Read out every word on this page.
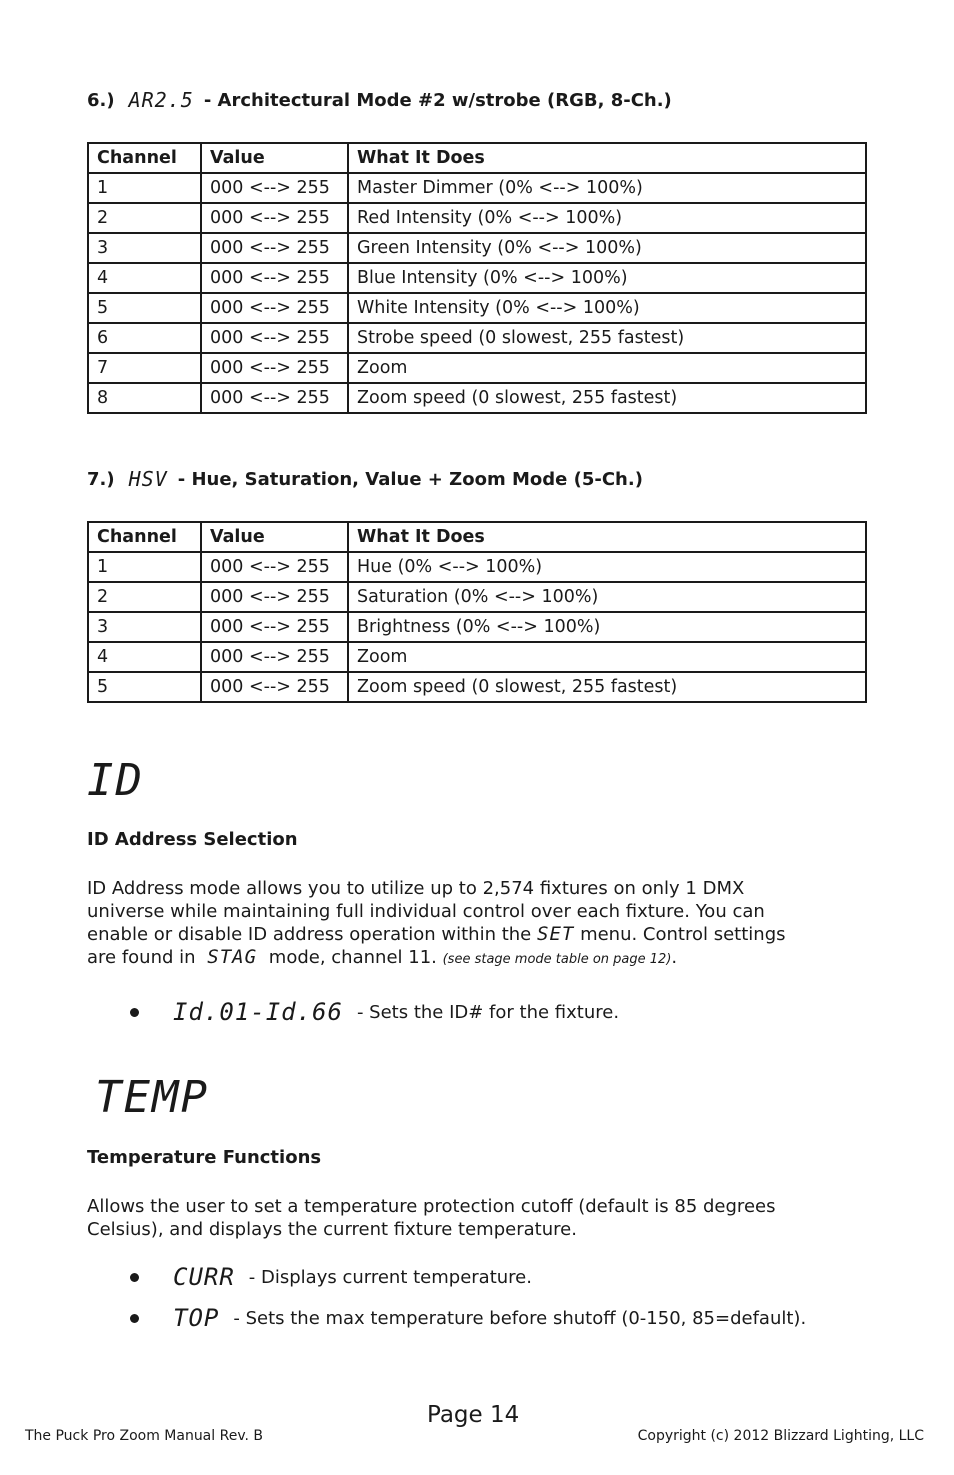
6.) AR2.5 - Architectural Mode #2 w/strobe (RGB, 8-Ch.)
Channel	Value	What It Does
1	000 <--> 255	Master Dimmer (0% <--> 100%)
2	000 <--> 255	Red Intensity (0% <--> 100%)
3	000 <--> 255	Green Intensity (0% <--> 100%)
4	000 <--> 255	Blue Intensity (0% <--> 100%)
5	000 <--> 255	White Intensity (0% <--> 100%)
6	000 <--> 255	Strobe speed (0 slowest, 255 fastest)
7	000 <--> 255	Zoom
8	000 <--> 255	Zoom speed (0 slowest, 255 fastest)
7.) HSV - Hue, Saturation, Value + Zoom Mode (5-Ch.)
Channel	Value	What It Does
1	000 <--> 255	Hue (0% <--> 100%)
2	000 <--> 255	Saturation (0% <--> 100%)
3	000 <--> 255	Brightness (0% <--> 100%)
4	000 <--> 255	Zoom
5	000 <--> 255	Zoom speed (0 slowest, 255 fastest)
ID
ID Address Selection
ID Address mode allows you to utilize up to 2,574 fixtures on only 1 DMX
universe while maintaining full individual control over each fixture. You can
enable or disable ID address operation within the SET menu. Control settings
are found in STAG mode, channel 11. (see stage mode table on page 12).
Id.01-Id.66 - Sets the ID# for the fixture.
TEMP
Temperature Functions
Allows the user to set a temperature protection cutoff (default is 85 degrees
Celsius), and displays the current fixture temperature.
CURR - Displays current temperature.
TOP - Sets the max temperature before shutoff (0-150, 85=default).
Page 14
The Puck Pro Zoom Manual Rev. B	Copyright (c) 2012 Blizzard Lighting, LLC
